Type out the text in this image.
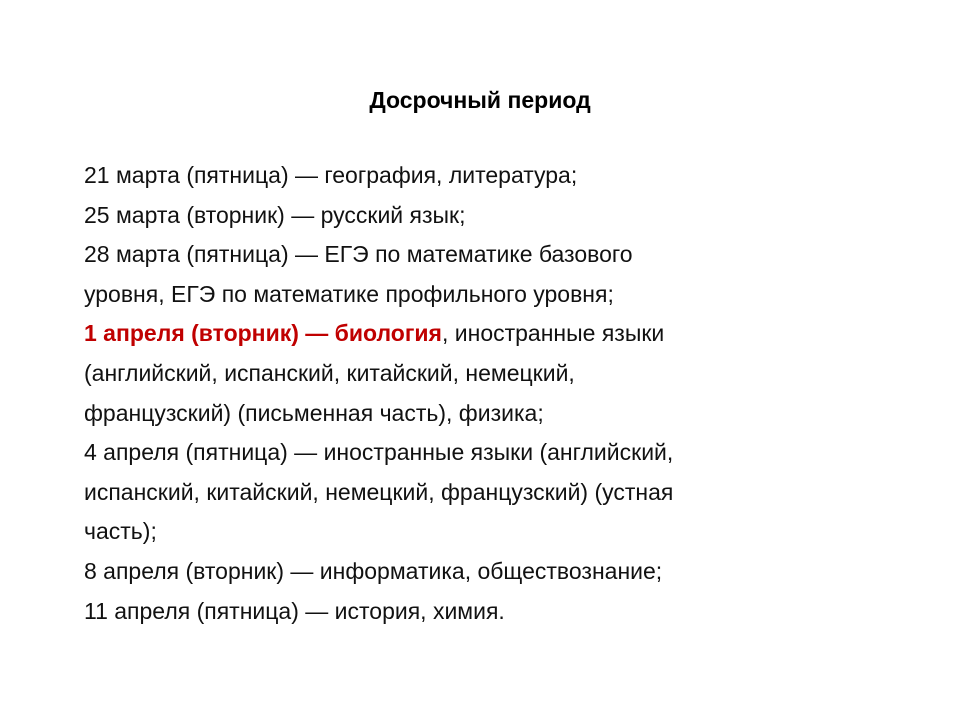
Досрочный период
21 марта (пятница) — география, литература;
25 марта (вторник) — русский язык;
28 марта (пятница) — ЕГЭ по математике базового
уровня, ЕГЭ по математике профильного уровня;
1 апреля (вторник) — биология, иностранные языки
(английский, испанский, китайский, немецкий,
французский) (письменная часть), физика;
4 апреля (пятница) — иностранные языки (английский,
испанский, китайский, немецкий, французский) (устная
часть);
8 апреля (вторник) — информатика, обществознание;
11 апреля (пятница) — история, химия.
